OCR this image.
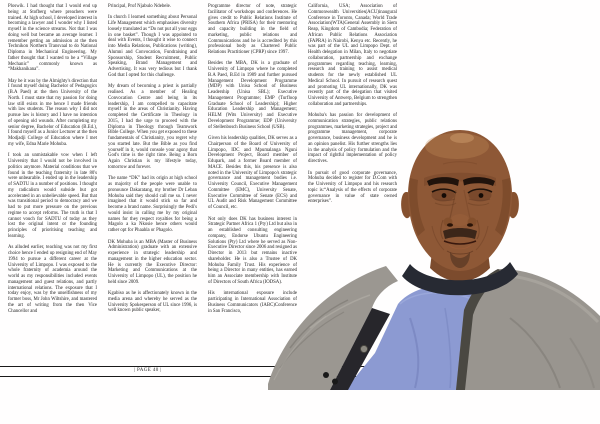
Ploswik. I had thought that I would end up being at Stofberg where preachers were trained. At high school, I developed interest in becoming a lawyer and I wonder why I listed myself in the science streams. Not that I was doing well but became an average learner. I remember getting an admission at the then Technikon Northern Transvaal to do National Diploma in Mechanical Engineering. My father thought that I wanted to be a “Village Mechanic” commonly known as “Makhanikana”.

May be it was by the Almighty's direction that I found myself doing Bachelor of Pedagogics (B.A Paed) at the then University of the North. I must state that my passion for doing law still exists in me hence I made friends with law students. The reason why I did not pursue law is history and I have no intention of opening old wounds. After completing my senior degree, Bachelor of Education (B.Ed.), I found myself as a Junior Lecturer at the then Modjadji College of Education where I met my wife, Edna Marie Mohuba.

I took an unmistakable vow when I left University that I would not be involved in politics anymore. Material conditions that we found in the teaching fraternity in late 80's were unbearable. I ended up in the leadership of SADTU in a number of positions. I thought my radicalism would subside but got accelerated in an unbelievable speed. But that was transitional period to democracy and we had to put more pressure on the previous regime to accept reforms. The truth is that I cannot vouch for SADTU of today as they lost the original intent or the founding principles of prioritising teaching and learning.

As alluded earlier, teaching was not my first choice hence I ended up resigning end of May 1994 to pursue a different career at the University of Limpopo. I was exposed to the whole fraternity of academia around the world as my responsibilities included events management and guest relations, and partly international relations. The exposure that I today enjoy, was by the unselfishness of my former boss, Mr John Wiltshire, and mastered the art of writing from the then Vice Chancellor and

Principal, Prof Njabulo Ndebele.

In church I learned something about Personal Life Management which emphasises diversity loosely translated as “Do not put all your eggs in one basket”. Though I was appointed to deal with Events, I thought it wise to connect into Media Relations, Publications (writing), Alumni and Convocation, Fundraising and Sponsorship, Student Recruitment, Public Speaking, Brand Management and Advertising. It was very tedious but I thank God that I opted for this challenge.

My dream of becoming a priest is partially realised. As a member of Healing Convocation Centre and being in its leadership, I am compelled to capacitate myself in the areas of Christianity. Having completed the Certificate in Theology in 2015, I had the urge to proceed with the Diploma in Theology through Teamwork Bible College. When you get exposed to these fundamentals of Christianity, you regret why you started late. But the Bible as you find yourself in it, would console your agony that God's time is the right time. Being a Born Again Christian is my lifestyle today, tomorrow and forever.

The name “DK” had its origin at high school as majority of the people were unable to pronounce Dakaratang, my brother Dr Leban Mohuba said they should call me so. I never imagined that it would stick so far and become a brand name. Surprisingly the Pedi's would insist in calling me by my original names for they respect royalties for being a Magolo a ka Nkosie hence others would rather opt for Phaahla or Phagolo.

DK Mohuba is an MBA (Master of Business Administration) graduate with an extensive experience in strategic leadership and management in the higher education sector. He is currently the Executive Director: Marketing and Communications at the University of Limpopo (UL), the position he held since 2009.

Kgabiso as he is affectionately known in the media arena and whereby he served as the University Spokesperson of UL since 1996, is well known public speaker,

Programme director of note, strategic facilitator of workshops and conferences. He gives credit to Public Relations Institute of Southern Africa (PRISA) for their mentoring and capacity building in the field of marketing, public relations and Communications and he is accredited by this professional body as Chartered Public Relations Practitioner (CPRP) since 1997.

Besides the MBA, DK is a graduate of University of Limpopo where he completed B.A Paed, B.Ed in 1989 and further pursued Management Development Programme (MDP) with Unisa School of Business Leadership (Unisa SBL); Executive Management Programme; EMP (Turfloop Graduate School of Leadership); Higher Education Leadership and Management; HELM (Wits University) and Executive Development Programme; EDP (University of Stellenbosch Business School (USB).

Given his leadership qualities, DK serves as a Chairperson of the Board of University of Limpopo, IDC and Mpumalanga Nguni Development Project, Board member of Edupark, and a former Board member of MACE. Besides this, his presence is also noted in the University of Limpopo's strategic governance and management bodies i.e. University Council, Executive Management Committee (EMC), University Senate, Executive Committee of Senate (ECS) and UL Audit and Risk Management Committee of Council, etc.

Not only does DK has business interest in Strategic Partner Africa 1 (Pty) Ltd but also in an established consulting engineering company, Endorse Ubuntu Engineering Solutions (Pty) Ltd where he served as Non-Executive Director since 2006 and resigned as Director in 2013 but remains inactive shareholder. He is also a Trustee of DK Mohuba Family Trust. His experience of being a Director in many entities, has earned him an Associate membership with Institute of Directors of South Africa (IODSA).

His international exposure include participating in International Association of Business Communicators (IABC)Conference in San Francisco,

California, USA; Association of Commonwealth Universities(ACU)inaugural Conference in Toronto, Canada; World Trade Association(WTA)General Assembly in Siem Reap, Kingdom of Cambodia; Federation of African Public Relations Association (FAPRA) in Nairobi, Kenya etc. Recently, he was part of the UL and Limpopo Dept. of Health delegation in Milan, Italy to negotiate collaboration, partnership and exchange programmes regarding teaching, learning, research and training to assist medical students for the newly established UL Medical School. In pursuit of research quest and promoting UL internationally, DK was recently part of the delegation that visited University of Antwerp, Belgium to strengthen collaboration and partnerships.

Mohuba's has passion for development of communication strategies, public relations programmes, marketing strategies, project and programme management, corporate governance, business development and he is an opinion panelist. His further strengths lies in the analysis of policy formulation and the impact of rightful implementation of policy directives.

In pursuit of good corporate governance, Mohuba decided to register for D.Com with the University of Limpopo and his research topic is:“Analysis of the effects of corporate governance in value of state owned enterprises”.

| PAGE 40 |
